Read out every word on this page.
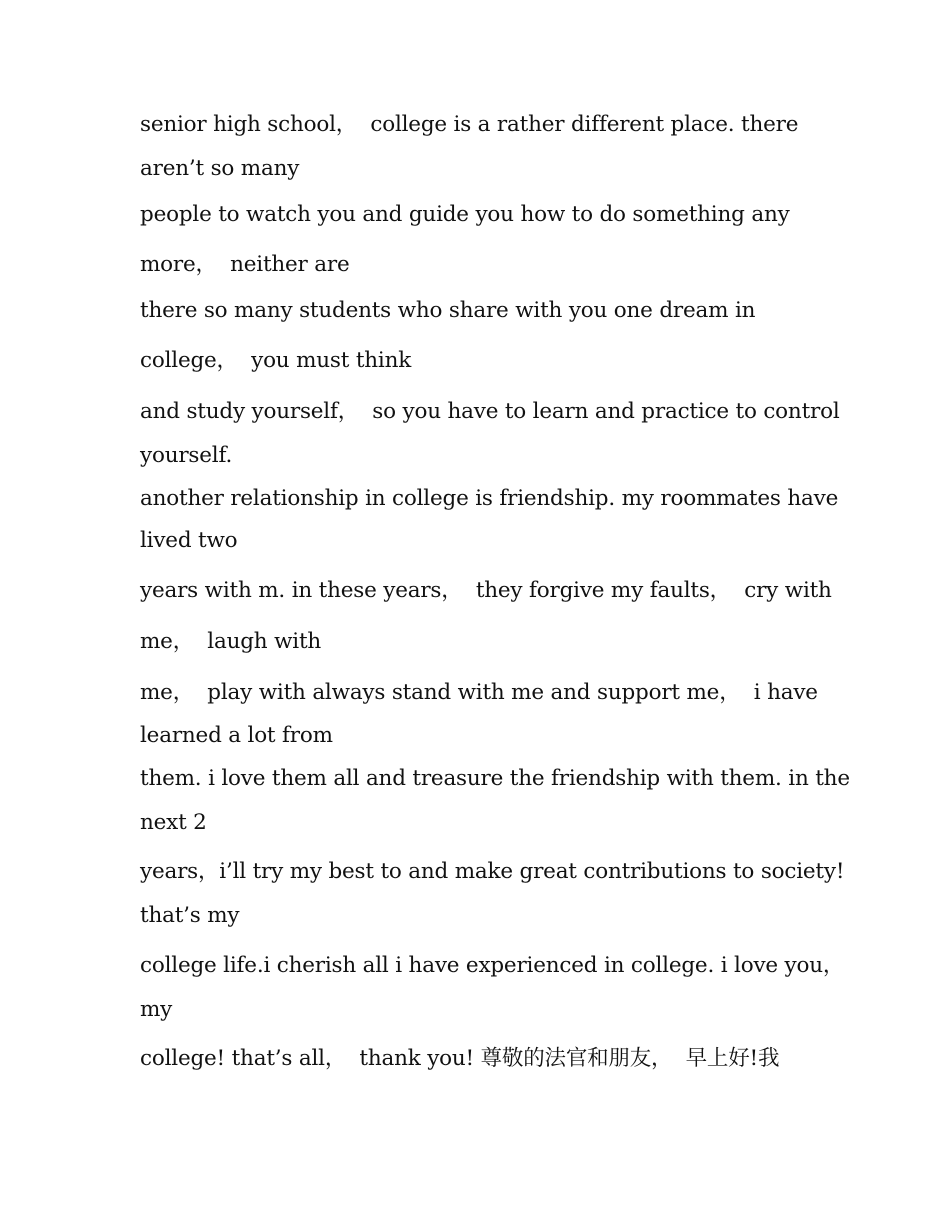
senior high school，  college is a rather different place. there
aren’t so many
people to watch you and guide you how to do something any
more，  neither are
there so many students who share with you one dream in
college，  you must think
and study yourself，  so you have to learn and practice to control
yourself.
another relationship in college is friendship. my roommates have
lived two
years with m. in these years，  they forgive my faults，  cry with
me，  laugh with
me，  play with always stand with me and support me，  i have
learned a lot from
them. i love them all and treasure the friendship with them. in the
next 2
years，i’ll try my best to and make great contributions to society!
that’s my
college life.i cherish all i have experienced in college. i love you，
my
college! that’s all，  thank you! 尊敬的法官和朋友，  早上好!我
